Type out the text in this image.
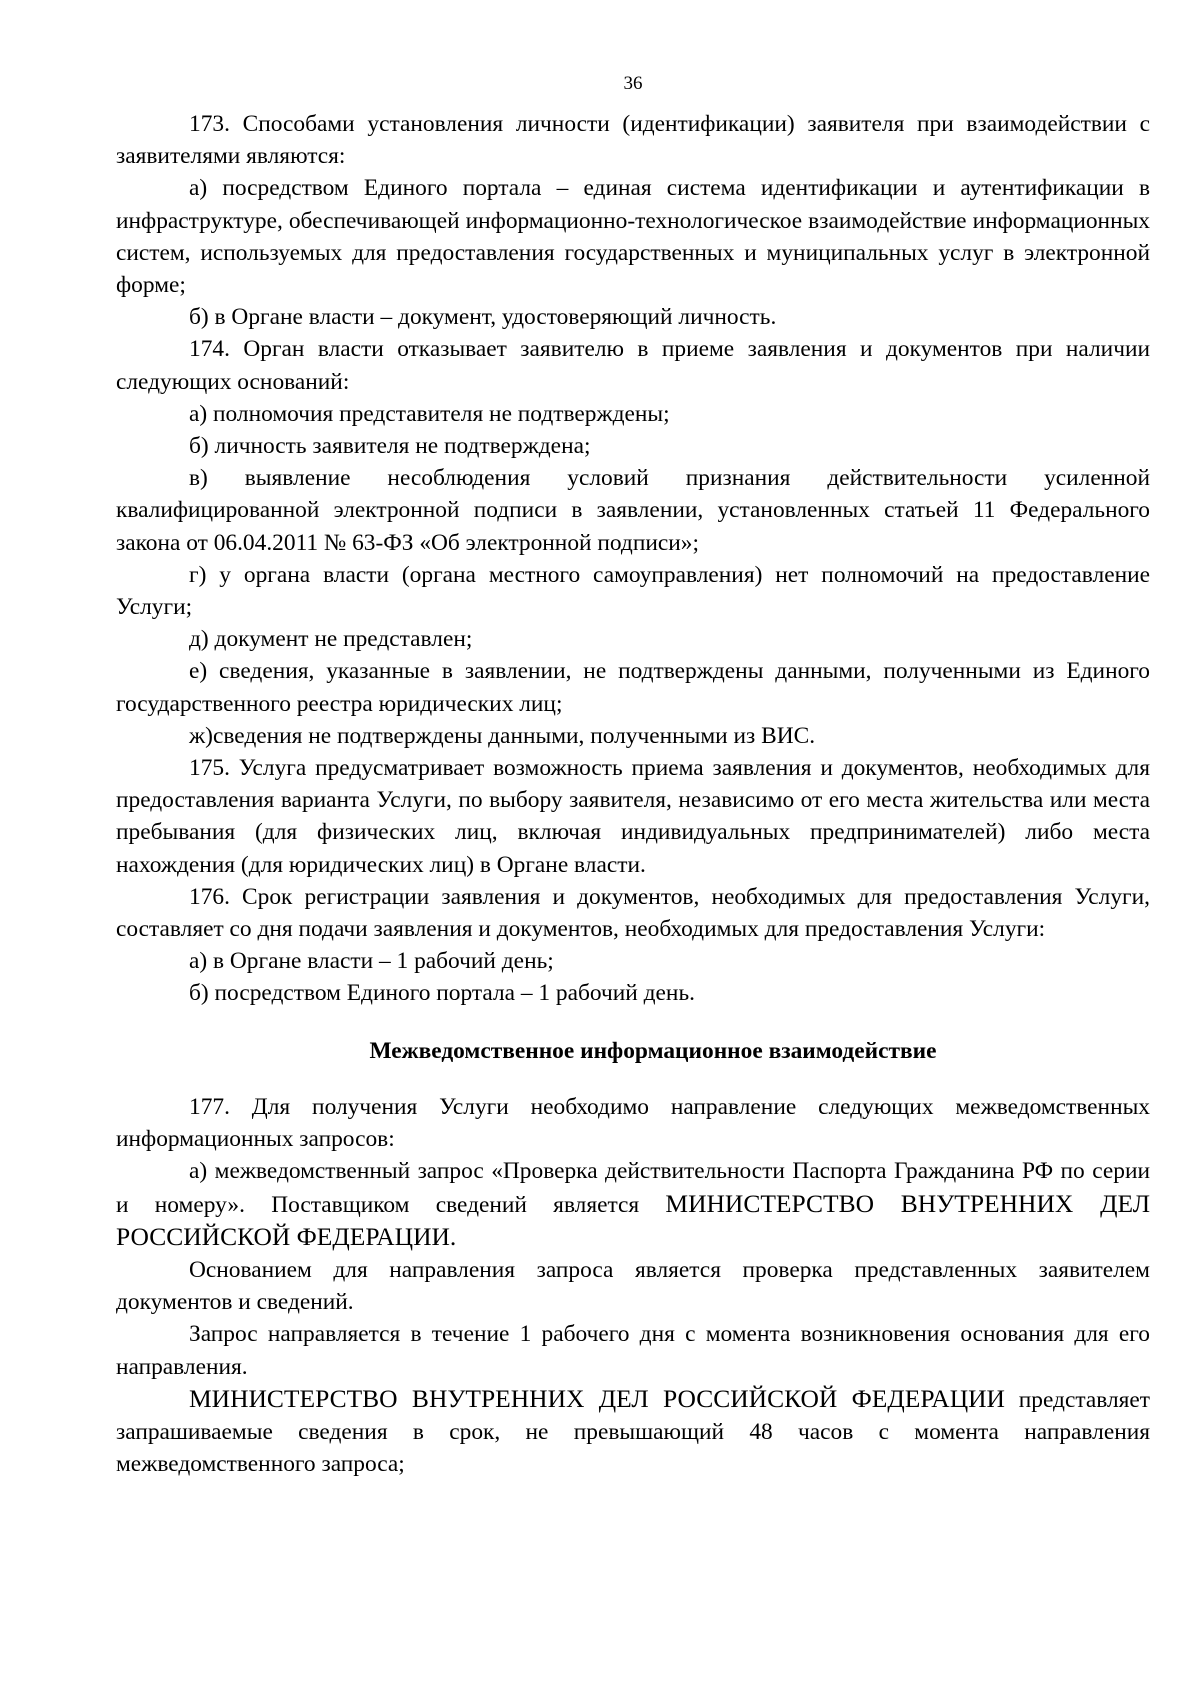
36

173. Способами установления личности (идентификации) заявителя при взаимодействии с заявителями являются:

а) посредством Единого портала – единая система идентификации и аутентификации в инфраструктуре, обеспечивающей информационно-технологическое взаимодействие информационных систем, используемых для предоставления государственных и муниципальных услуг в электронной форме;

б) в Органе власти – документ, удостоверяющий личность.

174. Орган власти отказывает заявителю в приеме заявления и документов при наличии следующих оснований:

а) полномочия представителя не подтверждены;

б) личность заявителя не подтверждена;

в) выявление несоблюдения условий признания действительности усиленной квалифицированной электронной подписи в заявлении, установленных статьей 11 Федерального закона от 06.04.2011 № 63-ФЗ «Об электронной подписи»;

г) у органа власти (органа местного самоуправления) нет полномочий на предоставление Услуги;

д) документ не представлен;

е) сведения, указанные в заявлении, не подтверждены данными, полученными из Единого государственного реестра юридических лиц;

ж)сведения не подтверждены данными, полученными из ВИС.

175. Услуга предусматривает возможность приема заявления и документов, необходимых для предоставления варианта Услуги, по выбору заявителя, независимо от его места жительства или места пребывания (для физических лиц, включая индивидуальных предпринимателей) либо места нахождения (для юридических лиц) в Органе власти.

176. Срок регистрации заявления и документов, необходимых для предоставления Услуги, составляет со дня подачи заявления и документов, необходимых для предоставления Услуги:

а) в Органе власти – 1 рабочий день;

б) посредством Единого портала – 1 рабочий день.

Межведомственное информационное взаимодействие

177. Для получения Услуги необходимо направление следующих межведомственных информационных запросов:

а) межведомственный запрос «Проверка действительности Паспорта Гражданина РФ по серии и номеру». Поставщиком сведений является МИНИСТЕРСТВО ВНУТРЕННИХ ДЕЛ РОССИЙСКОЙ ФЕДЕРАЦИИ.

Основанием для направления запроса является проверка представленных заявителем документов и сведений.

Запрос направляется в течение 1 рабочего дня с момента возникновения основания для его направления.

МИНИСТЕРСТВО ВНУТРЕННИХ ДЕЛ РОССИЙСКОЙ ФЕДЕРАЦИИ представляет запрашиваемые сведения в срок, не превышающий 48 часов с момента направления межведомственного запроса;
